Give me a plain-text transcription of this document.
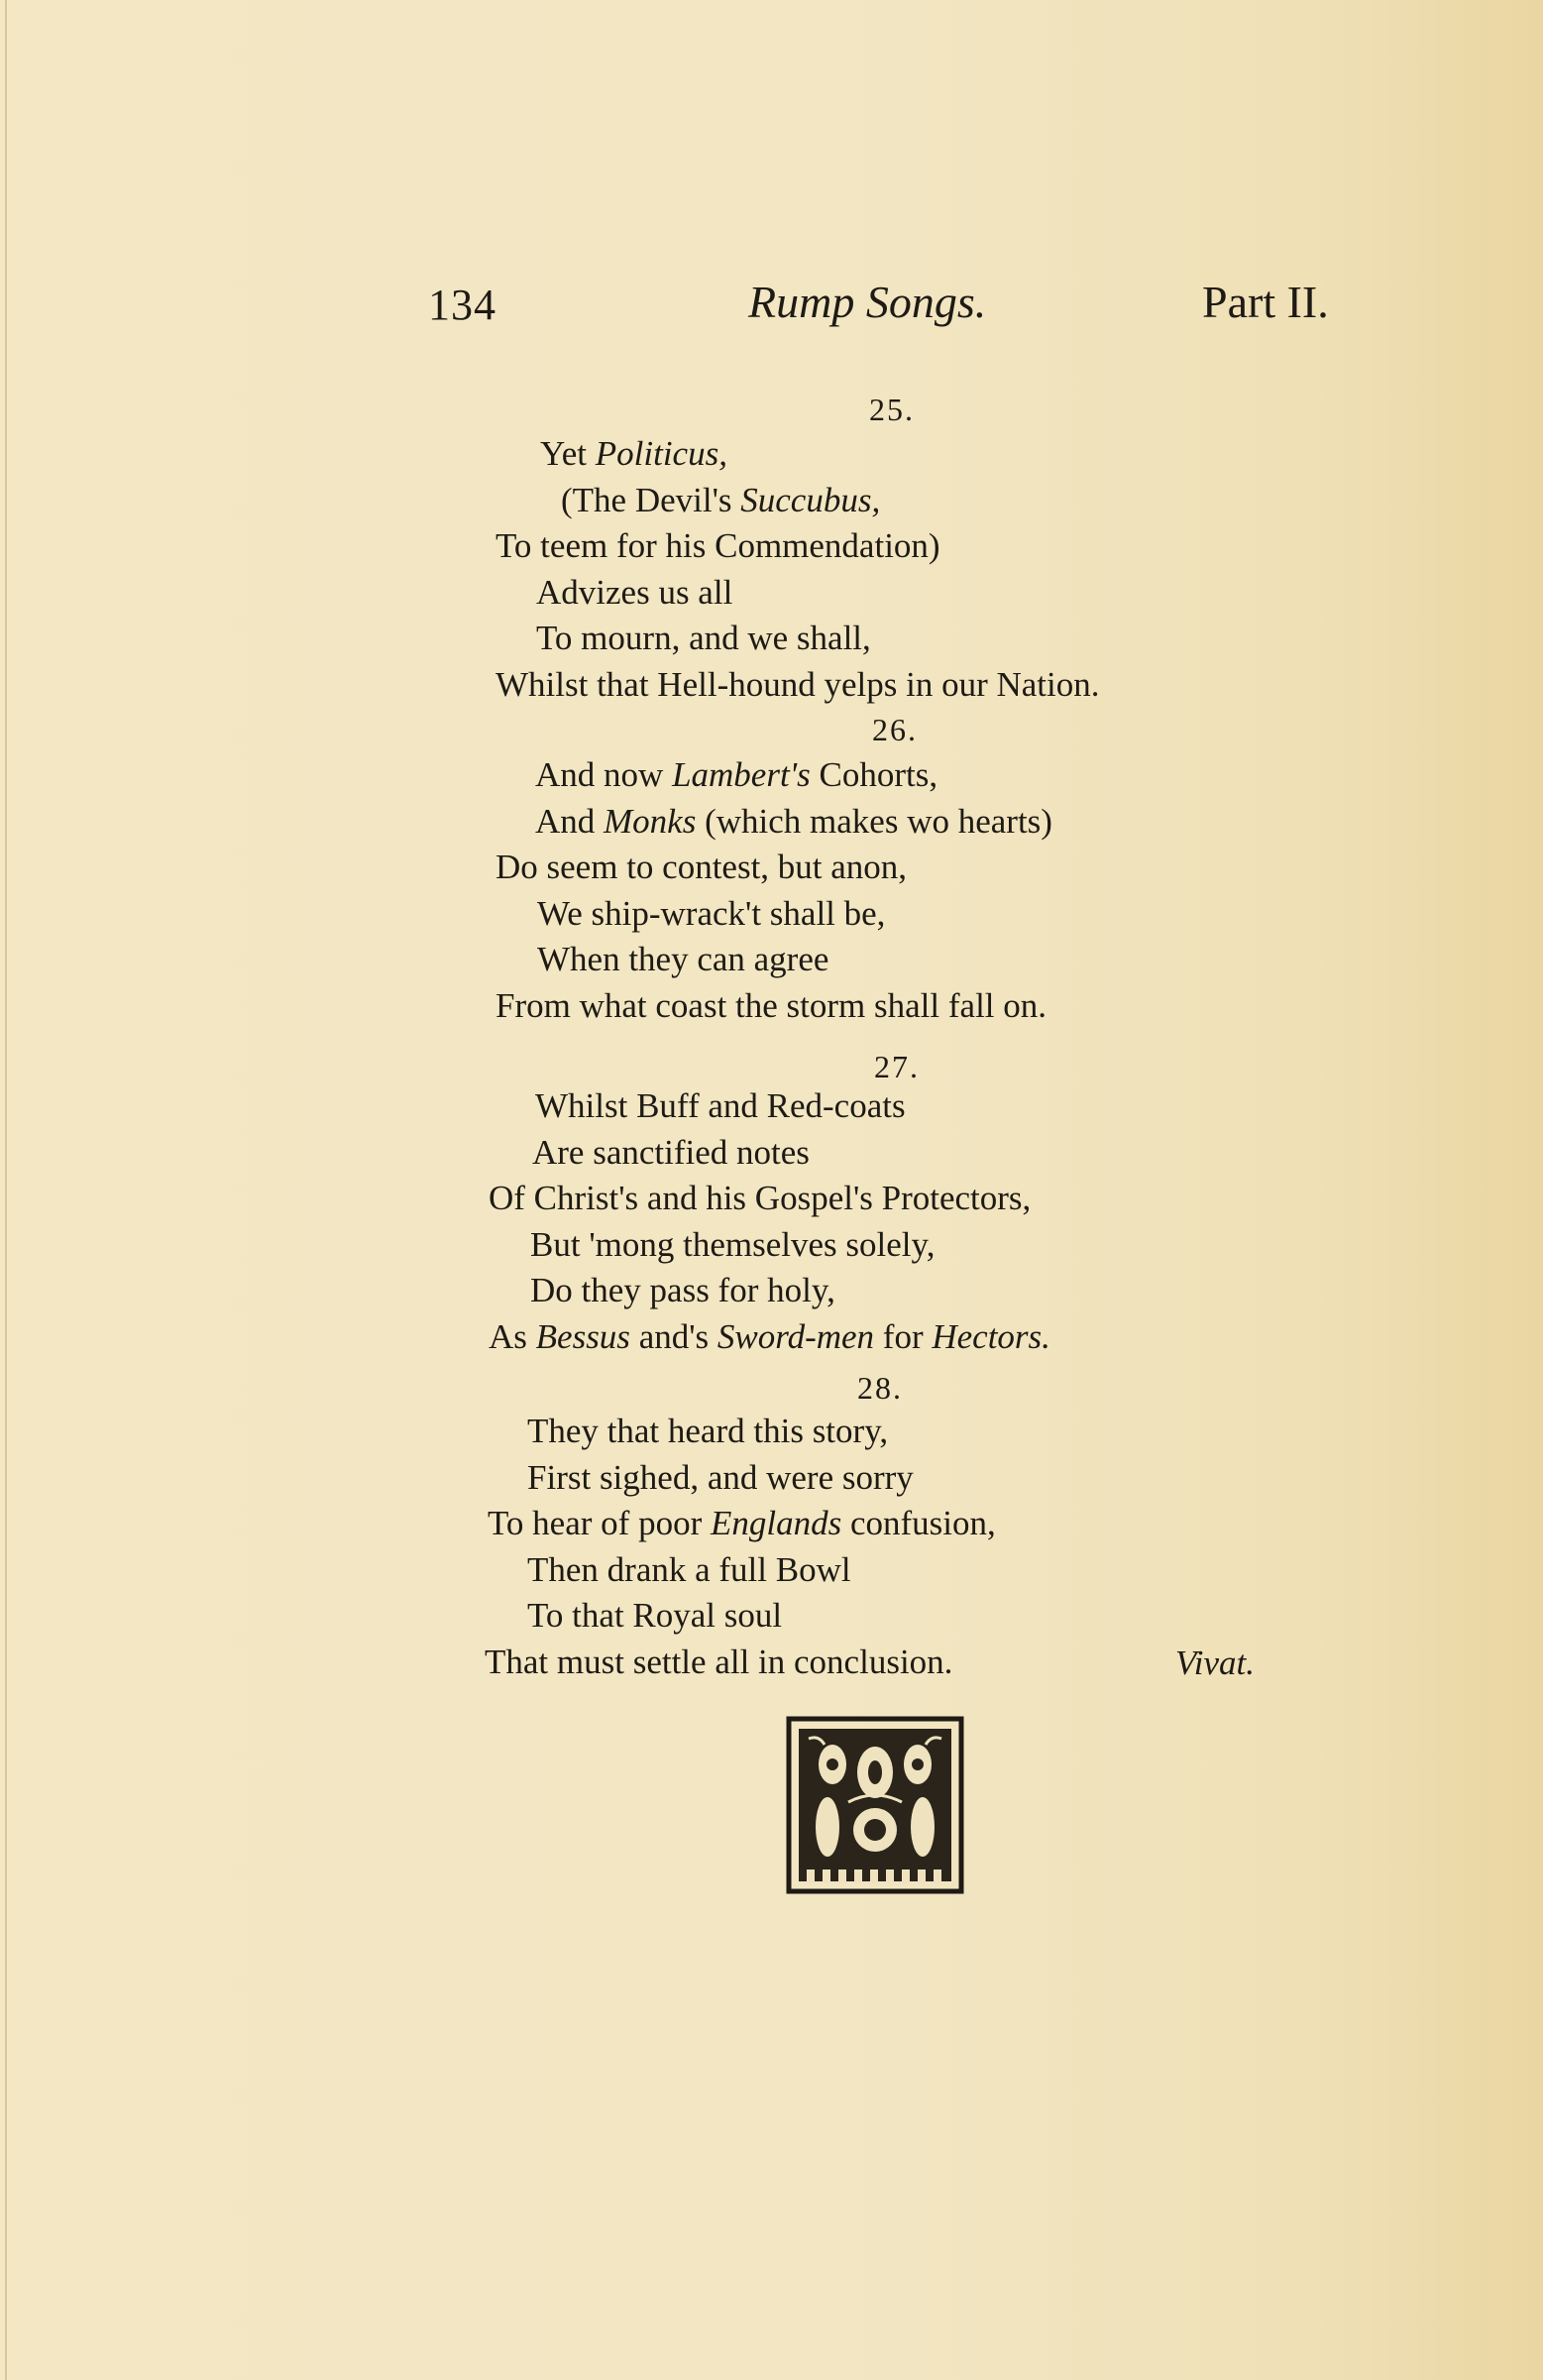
134	Rump Songs.	Part II.
25.
Yet Politicus,
(The Devil's Succubus,
To teem for his Commendation)
Advizes us all
To mourn, and we shall,
Whilst that Hell-hound yelps in our Nation.
26.
And now Lambert's Cohorts,
And Monks (which makes wo hearts)
Do seem to contest, but anon,
We ship-wrack't shall be,
When they can agree
From what coast the storm shall fall on.
27.
Whilst Buff and Red-coats
Are sanctified notes
Of Christ's and his Gospel's Protectors,
But 'mong themselves solely,
Do they pass for holy,
As Bessus and's Sword-men for Hectors.
28.
They that heard this story,
First sighed, and were sorry
To hear of poor Englands confusion,
Then drank a full Bowl
To that Royal soul
That must settle all in conclusion.	Vivat.
